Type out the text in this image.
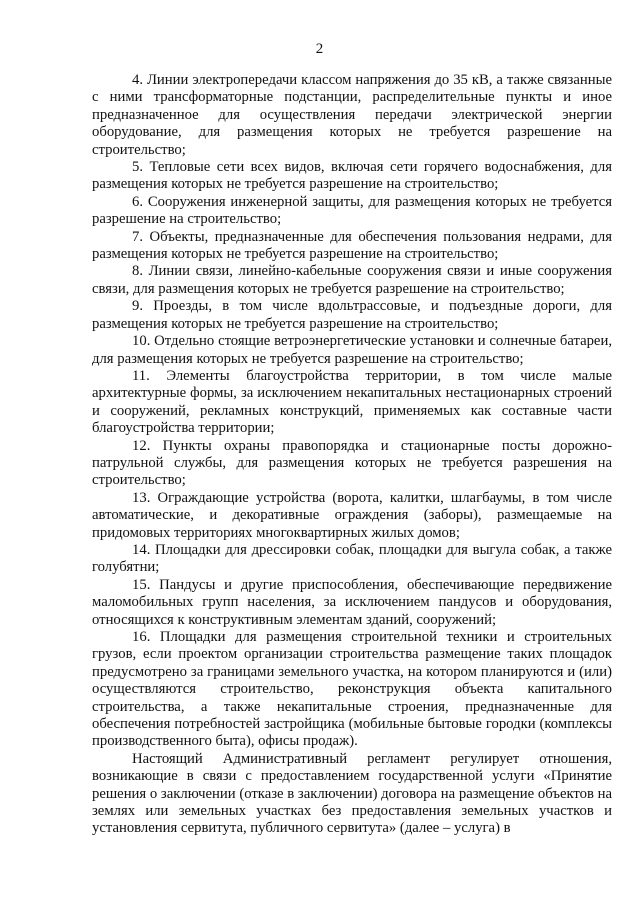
2

4. Линии электропередачи классом напряжения до 35 кВ, а также связанные с ними трансформаторные подстанции, распределительные пункты и иное предназначенное для осуществления передачи электрической энергии оборудование, для размещения которых не требуется разрешение на строительство;

5. Тепловые сети всех видов, включая сети горячего водоснабжения, для размещения которых не требуется разрешение на строительство;

6. Сооружения инженерной защиты, для размещения которых не требуется разрешение на строительство;

7. Объекты, предназначенные для обеспечения пользования недрами, для размещения которых не требуется разрешение на строительство;

8. Линии связи, линейно-кабельные сооружения связи и иные сооружения связи, для размещения которых не требуется разрешение на строительство;

9. Проезды, в том числе вдольтрассовые, и подъездные дороги, для размещения которых не требуется разрешение на строительство;

10. Отдельно стоящие ветроэнергетические установки и солнечные батареи, для размещения которых не требуется разрешение на строительство;

11. Элементы благоустройства территории, в том числе малые архитектурные формы, за исключением некапитальных нестационарных строений и сооружений, рекламных конструкций, применяемых как составные части благоустройства территории;

12. Пункты охраны правопорядка и стационарные посты дорожно-патрульной службы, для размещения которых не требуется разрешения на строительство;

13. Ограждающие устройства (ворота, калитки, шлагбаумы, в том числе автоматические, и декоративные ограждения (заборы), размещаемые на придомовых территориях многоквартирных жилых домов;

14. Площадки для дрессировки собак, площадки для выгула собак, а также голубятни;

15. Пандусы и другие приспособления, обеспечивающие передвижение маломобильных групп населения, за исключением пандусов и оборудования, относящихся к конструктивным элементам зданий, сооружений;

16. Площадки для размещения строительной техники и строительных грузов, если проектом организации строительства размещение таких площадок предусмотрено за границами земельного участка, на котором планируются и (или) осуществляются строительство, реконструкция объекта капитального строительства, а также некапитальные строения, предназначенные для обеспечения потребностей застройщика (мобильные бытовые городки (комплексы производственного быта), офисы продаж).

Настоящий Административный регламент регулирует отношения, возникающие в связи с предоставлением государственной услуги «Принятие решения о заключении (отказе в заключении) договора на размещение объектов на землях или земельных участках без предоставления земельных участков и установления сервитута, публичного сервитута» (далее – услуга) в
